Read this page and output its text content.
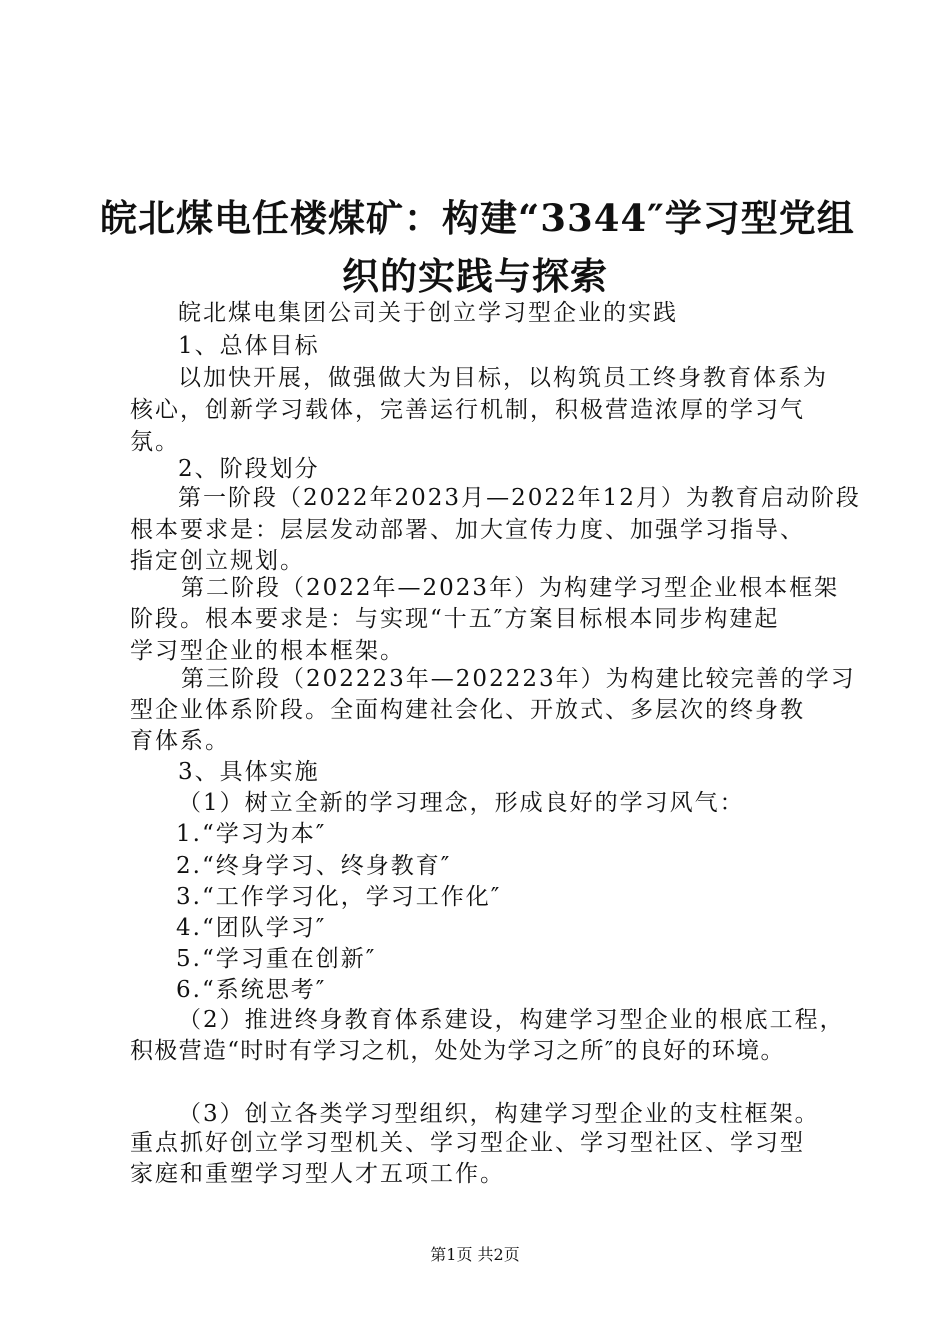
皖北煤电任楼煤矿：构建“3344″学习型党组
织的实践与探索
皖北煤电集团公司关于创立学习型企业的实践
1、总体目标
以加快开展，做强做大为目标，以构筑员工终身教育体系为
核心，创新学习载体，完善运行机制，积极营造浓厚的学习气
氛。
2、阶段划分
第一阶段（2022年2023月—2022年12月）为教育启动阶段
根本要求是：层层发动部署、加大宣传力度、加强学习指导、
指定创立规划。
第二阶段（2022年—2023年）为构建学习型企业根本框架
阶段。根本要求是：与实现“十五″方案目标根本同步构建起
学习型企业的根本框架。
第三阶段（202223年—202223年）为构建比较完善的学习
型企业体系阶段。全面构建社会化、开放式、多层次的终身教
育体系。
3、具体实施
（1）树立全新的学习理念，形成良好的学习风气：
1.“学习为本″
2.“终身学习、终身教育″
3.“工作学习化，学习工作化″
4.“团队学习″
5.“学习重在创新″
6.“系统思考″
（2）推进终身教育体系建设，构建学习型企业的根底工程，
积极营造“时时有学习之机，处处为学习之所″的良好的环境。
（3）创立各类学习型组织，构建学习型企业的支柱框架。
重点抓好创立学习型机关、学习型企业、学习型社区、学习型
家庭和重塑学习型人才五项工作。
第1页 共2页
